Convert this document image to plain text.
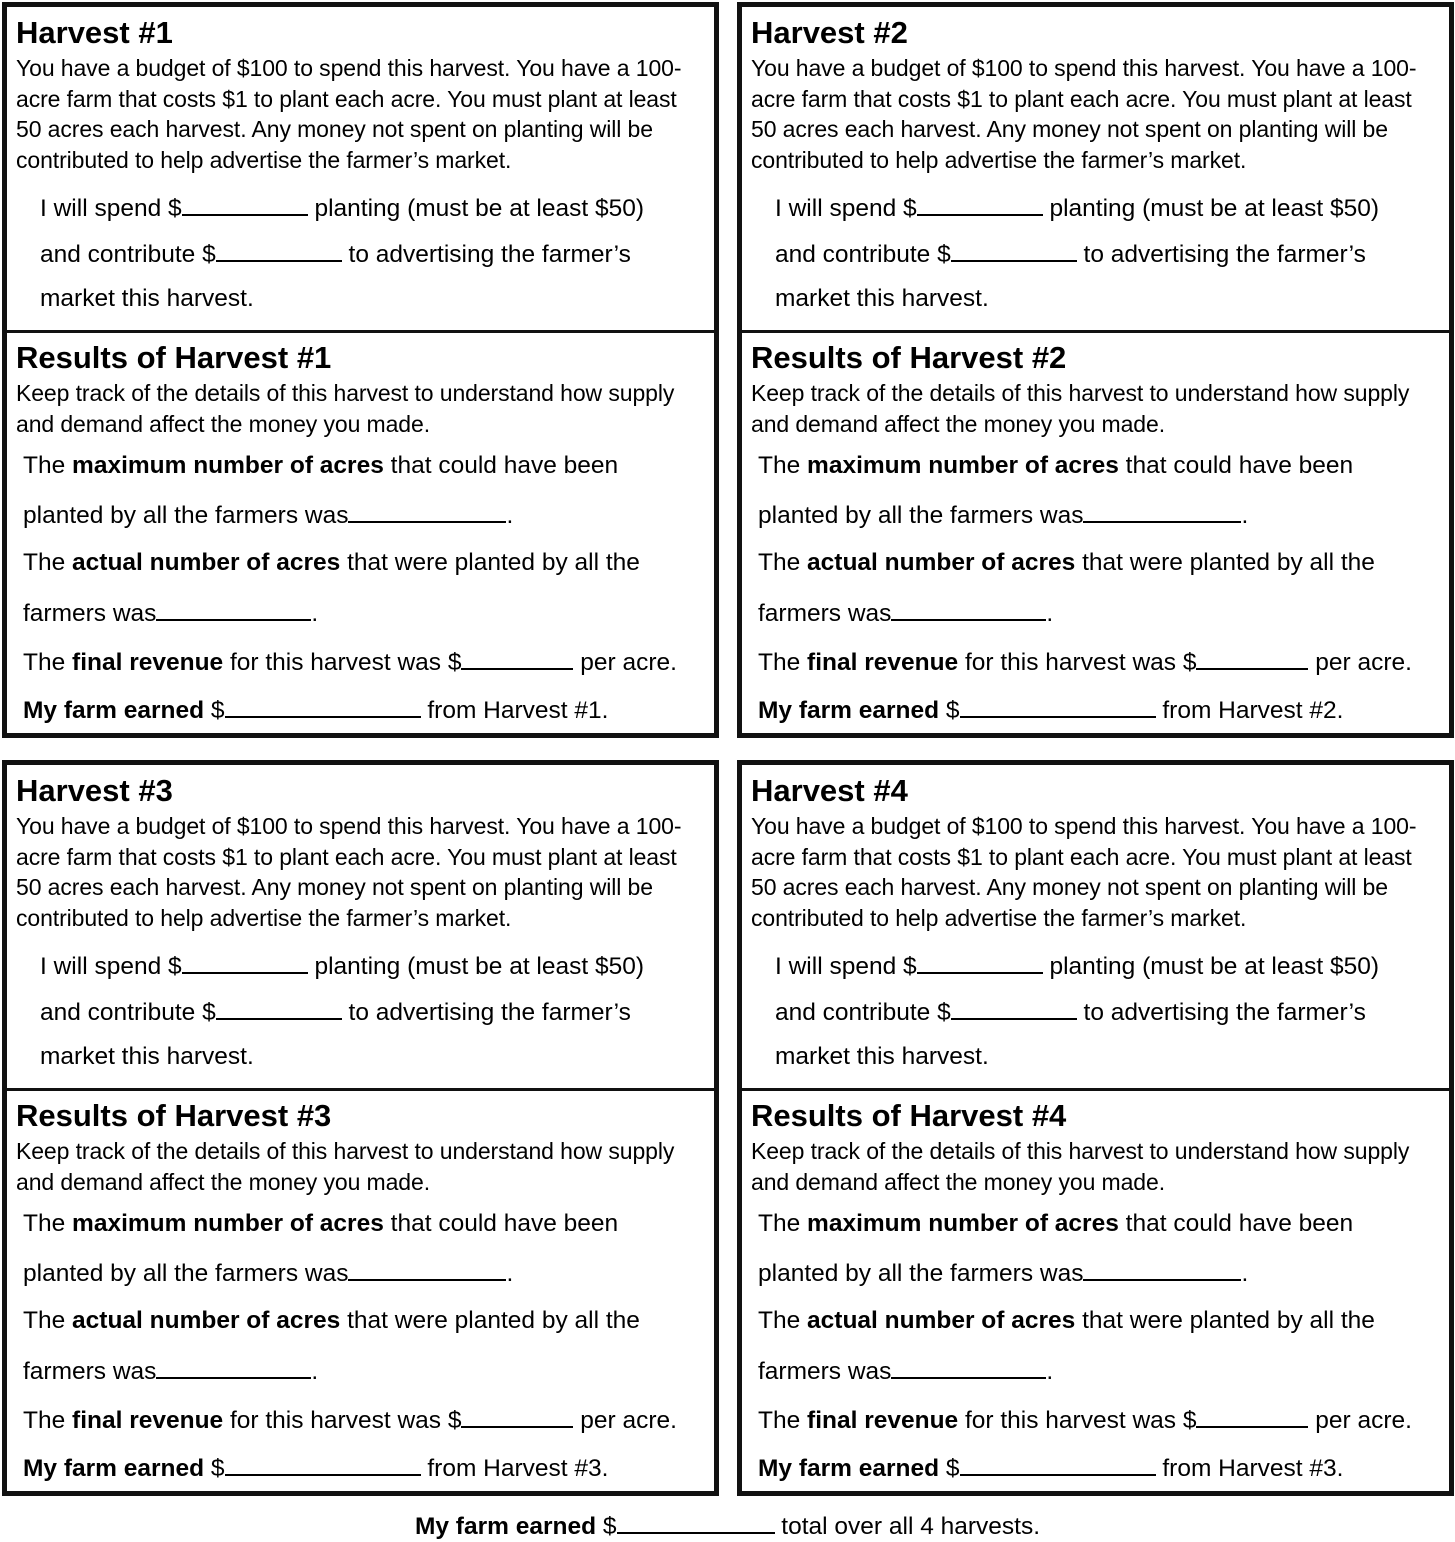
Harvest #1
You have a budget of $100 to spend this harvest. You have a 100-acre farm that costs $1 to plant each acre. You must plant at least 50 acres each harvest. Any money not spent on planting will be contributed to help advertise the farmer’s market.
I will spend $	planting (must be at least $50)
and contribute $	to advertising the farmer’s
market this harvest.
Results of Harvest #1
Keep track of the details of this harvest to understand how supply and demand affect the money you made.
The maximum number of acres that could have been
planted by all the farmers was	.
The actual number of acres that were planted by all the
farmers was	.
The final revenue for this harvest was $	per acre.
My farm earned $	from Harvest #1.
Harvest #2
You have a budget of $100 to spend this harvest. You have a 100-acre farm that costs $1 to plant each acre. You must plant at least 50 acres each harvest. Any money not spent on planting will be contributed to help advertise the farmer’s market.
I will spend $	planting (must be at least $50)
and contribute $	to advertising the farmer’s
market this harvest.
Results of Harvest #2
Keep track of the details of this harvest to understand how supply and demand affect the money you made.
The maximum number of acres that could have been
planted by all the farmers was	.
The actual number of acres that were planted by all the
farmers was	.
The final revenue for this harvest was $	per acre.
My farm earned $	from Harvest #2.
Harvest #3
You have a budget of $100 to spend this harvest. You have a 100-acre farm that costs $1 to plant each acre. You must plant at least 50 acres each harvest. Any money not spent on planting will be contributed to help advertise the farmer’s market.
I will spend $	planting (must be at least $50)
and contribute $	to advertising the farmer’s
market this harvest.
Results of Harvest #3
Keep track of the details of this harvest to understand how supply and demand affect the money you made.
The maximum number of acres that could have been
planted by all the farmers was	.
The actual number of acres that were planted by all the
farmers was	.
The final revenue for this harvest was $	per acre.
My farm earned $	from Harvest #3.
Harvest #4
You have a budget of $100 to spend this harvest. You have a 100-acre farm that costs $1 to plant each acre. You must plant at least 50 acres each harvest. Any money not spent on planting will be contributed to help advertise the farmer’s market.
I will spend $	planting (must be at least $50)
and contribute $	to advertising the farmer’s
market this harvest.
Results of Harvest #4
Keep track of the details of this harvest to understand how supply and demand affect the money you made.
The maximum number of acres that could have been
planted by all the farmers was	.
The actual number of acres that were planted by all the
farmers was	.
The final revenue for this harvest was $	per acre.
My farm earned $	from Harvest #3.
My farm earned $	total over all 4 harvests.
